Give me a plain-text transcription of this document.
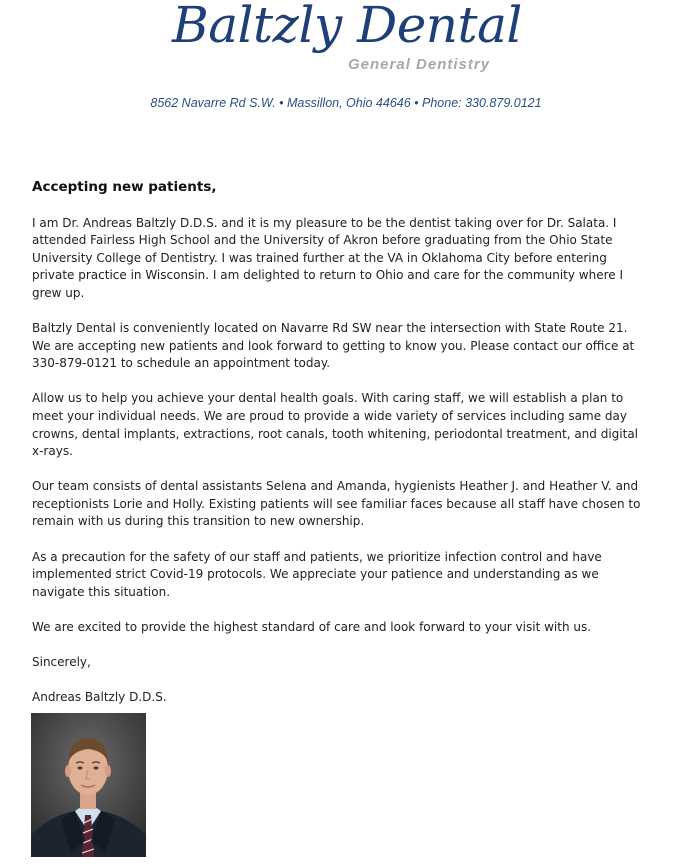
Baltzly Dental
General Dentistry
8562 Navarre Rd S.W. • Massillon, Ohio 44646 • Phone: 330.879.0121

Accepting new patients,

I am Dr. Andreas Baltzly D.D.S. and it is my pleasure to be the dentist taking over for Dr. Salata. I attended Fairless High School and the University of Akron before graduating from the Ohio State University College of Dentistry. I was trained further at the VA in Oklahoma City before entering private practice in Wisconsin. I am delighted to return to Ohio and care for the community where I grew up.

Baltzly Dental is conveniently located on Navarre Rd SW near the intersection with State Route 21. We are accepting new patients and look forward to getting to know you. Please contact our office at 330-879-0121 to schedule an appointment today.

Allow us to help you achieve your dental health goals. With caring staff, we will establish a plan to meet your individual needs. We are proud to provide a wide variety of services including same day crowns, dental implants, extractions, root canals, tooth whitening, periodontal treatment, and digital x-rays.

Our team consists of dental assistants Selena and Amanda, hygienists Heather J. and Heather V. and receptionists Lorie and Holly. Existing patients will see familiar faces because all staff have chosen to remain with us during this transition to new ownership.

As a precaution for the safety of our staff and patients, we prioritize infection control and have implemented strict Covid-19 protocols. We appreciate your patience and understanding as we navigate this situation.

We are excited to provide the highest standard of care and look forward to your visit with us.

Sincerely,

Andreas Baltzly D.D.S.
